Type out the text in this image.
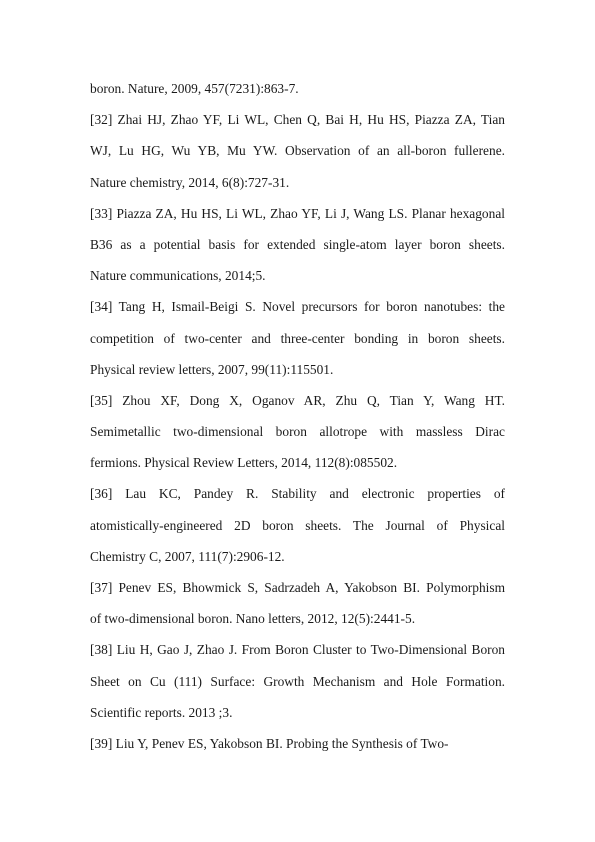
boron. Nature, 2009, 457(7231):863-7.
[32] Zhai HJ, Zhao YF, Li WL, Chen Q, Bai H, Hu HS, Piazza ZA, Tian
WJ, Lu HG, Wu YB, Mu YW. Observation of an all-boron fullerene.
Nature chemistry, 2014, 6(8):727-31.
[33] Piazza ZA, Hu HS, Li WL, Zhao YF, Li J, Wang LS. Planar hexagonal
B36 as a potential basis for extended single-atom layer boron sheets.
Nature communications, 2014;5.
[34] Tang H, Ismail-Beigi S. Novel precursors for boron nanotubes: the
competition of two-center and three-center bonding in boron sheets.
Physical review letters, 2007, 99(11):115501.
[35] Zhou XF, Dong X, Oganov AR, Zhu Q, Tian Y, Wang HT.
Semimetallic two-dimensional boron allotrope with massless Dirac
fermions. Physical Review Letters, 2014, 112(8):085502.
[36] Lau KC, Pandey R. Stability and electronic properties of
atomistically-engineered 2D boron sheets. The Journal of Physical
Chemistry C, 2007, 111(7):2906-12.
[37] Penev ES, Bhowmick S, Sadrzadeh A, Yakobson BI. Polymorphism
of two-dimensional boron. Nano letters, 2012, 12(5):2441-5.
[38] Liu H, Gao J, Zhao J. From Boron Cluster to Two-Dimensional Boron
Sheet on Cu (111) Surface: Growth Mechanism and Hole Formation.
Scientific reports. 2013 ;3.
[39] Liu Y, Penev ES, Yakobson BI. Probing the Synthesis of Two-
